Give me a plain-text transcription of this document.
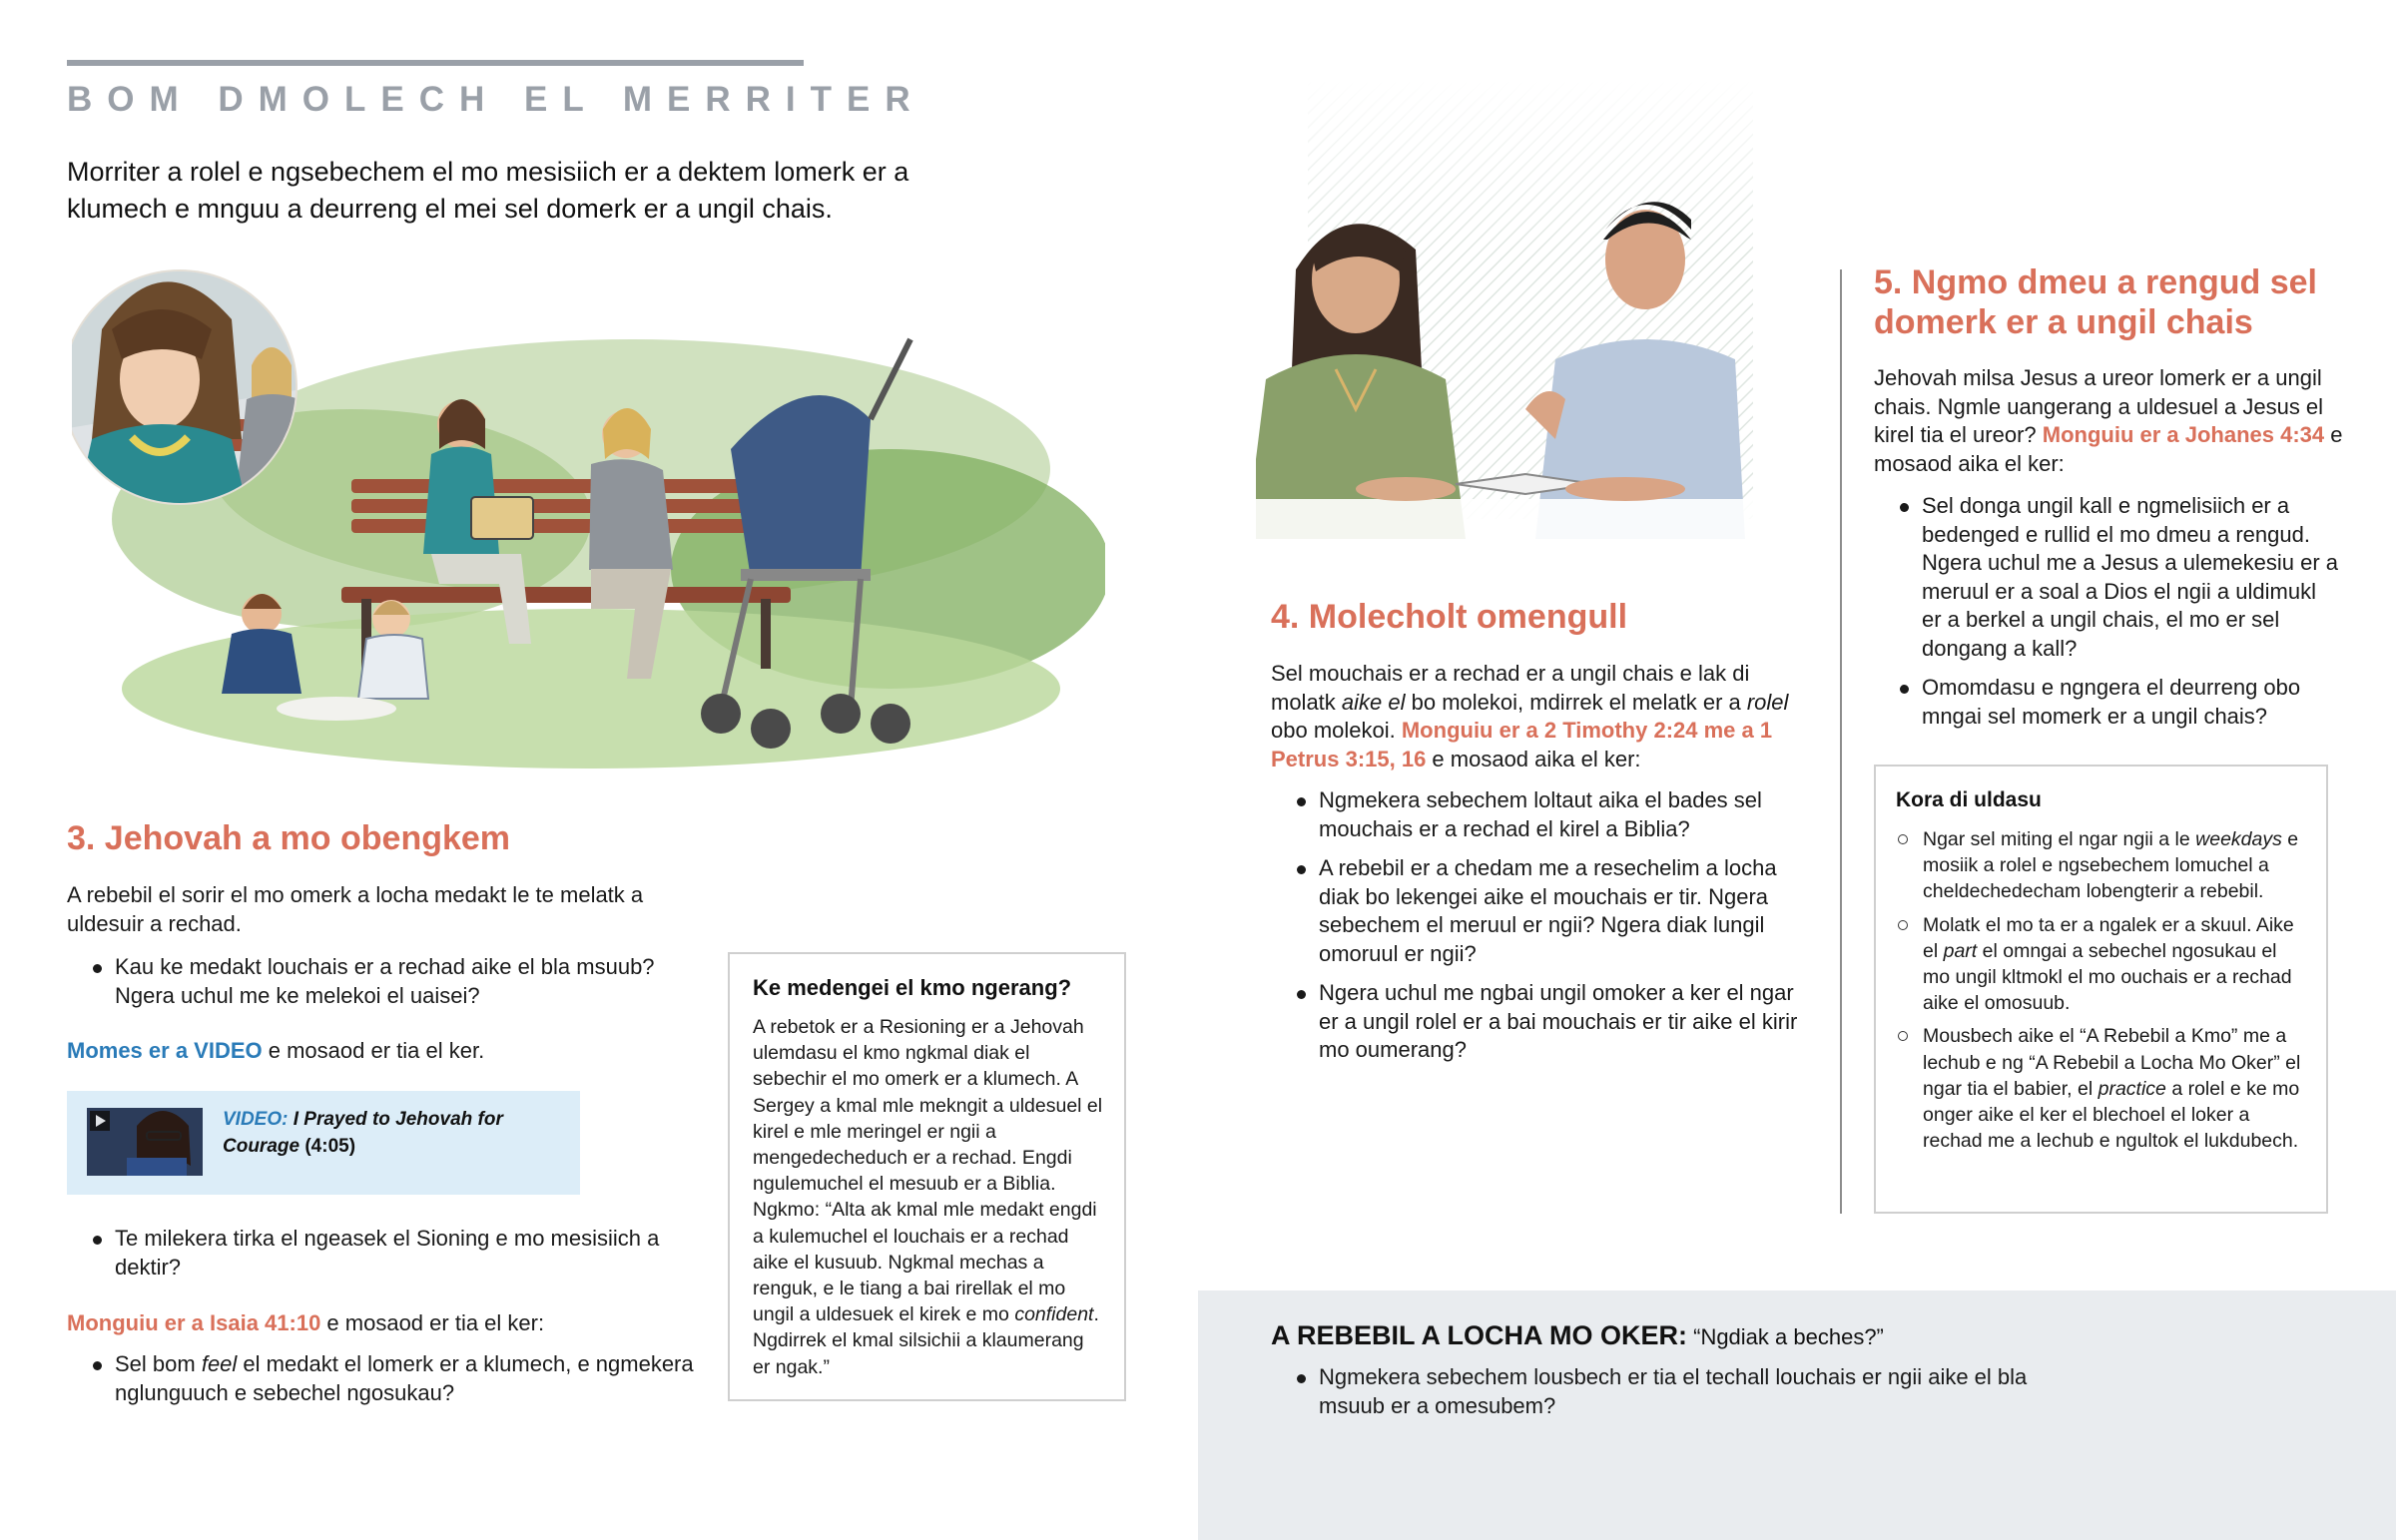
BOM DMOLECH EL MERRITER
Morriter a rolel e ngsebechem el mo mesisiich er a dektem lomerk er a klumech e mnguu a deurreng el mei sel domerk er a ungil chais.
3. Jehovah a mo obengkem
A rebebil el sorir el mo omerk a locha medakt le te melatk a uldesuir a rechad.
Kau ke medakt louchais er a rechad aike el bla msuub? Ngera uchul me ke melekoi el uaisei?
Momes er a VIDEO e mosaod er tia el ker.
VIDEO: I Prayed to Jehovah for Courage (4:05)
Te milekera tirka el ngeasek el Sioning e mo mesisiich a dektir?
Monguiu er a Isaia 41:10 e mosaod er tia el ker:
Sel bom feel el medakt el lomerk er a klumech, e ngmekera nglunguuch e sebechel ngosukau?
Ke medengei el kmo ngerang?
A rebetok er a Resioning er a Jehovah ulemdasu el kmo ngkmal diak el sebechir el mo omerk er a klumech. A Sergey a kmal mle mekngit a uldesuel el kirel e mle meringel er ngii a mengedecheduch er a rechad. Engdi ngulemuchel el mesuub er a Biblia. Ngkmo: “Alta ak kmal mle medakt engdi a kulemuchel el louchais er a rechad aike el kusuub. Ngkmal mechas a renguk, e le tiang a bai rirellak el mo ungil a uldesuek el kirek e mo confident. Ngdirrek el kmal silsichii a klaumerang er ngak.”
4. Molecholt omengull
Sel mouchais er a rechad er a ungil chais e lak di molatk aike el bo molekoi, mdirrek el melatk er a rolel obo molekoi. Monguiu er a 2 Timothy 2:24 me a 1 Petrus 3:15, 16 e mosaod aika el ker:
Ngmekera sebechem loltaut aika el bades sel mouchais er a rechad el kirel a Biblia?
A rebebil er a chedam me a resechelim a locha diak bo lekengei aike el mouchais er tir. Ngera sebechem el meruul er ngii? Ngera diak lungil omoruul er ngii?
Ngera uchul me ngbai ungil omoker a ker el ngar er a ungil rolel er a bai mouchais er tir aike el kirir mo oumerang?
5. Ngmo dmeu a rengud sel domerk er a ungil chais
Jehovah milsa Jesus a ureor lomerk er a ungil chais. Ngmle uangerang a uldesuel a Jesus el kirel tia el ureor? Monguiu er a Johanes 4:34 e mosaod aika el ker:
Sel donga ungil kall e ngmelisiich er a bedenged e rullid el mo dmeu a rengud. Ngera uchul me a Jesus a ulemekesiu er a meruul er a soal a Dios el ngii a uldimukl er a berkel a ungil chais, el mo er sel dongang a kall?
Omomdasu e ngngera el deurreng obo mngai sel momerk er a ungil chais?
Kora di uldasu
Ngar sel miting el ngar ngii a le weekdays e mosiik a rolel e ngsebechem lomuchel a cheldechedecham lobengterir a rebebil.
Molatk el mo ta er a ngalek er a skuul. Aike el part el omngai a sebechel ngosukau el mo ungil kltmokl el mo ouchais er a rechad aike el omosuub.
Mousbech aike el “A Rebebil a Kmo” me a lechub e ng “A Rebebil a Locha Mo Oker” el ngar tia el babier, el practice a rolel e ke mo onger aike el ker el blechoel el loker a rechad me a lechub e ngultok el lukdubech.
A REBEBIL A LOCHA MO OKER: “Ngdiak a beches?”
Ngmekera sebechem lousbech er tia el techall louchais er ngii aike el bla msuub er a omesubem?
